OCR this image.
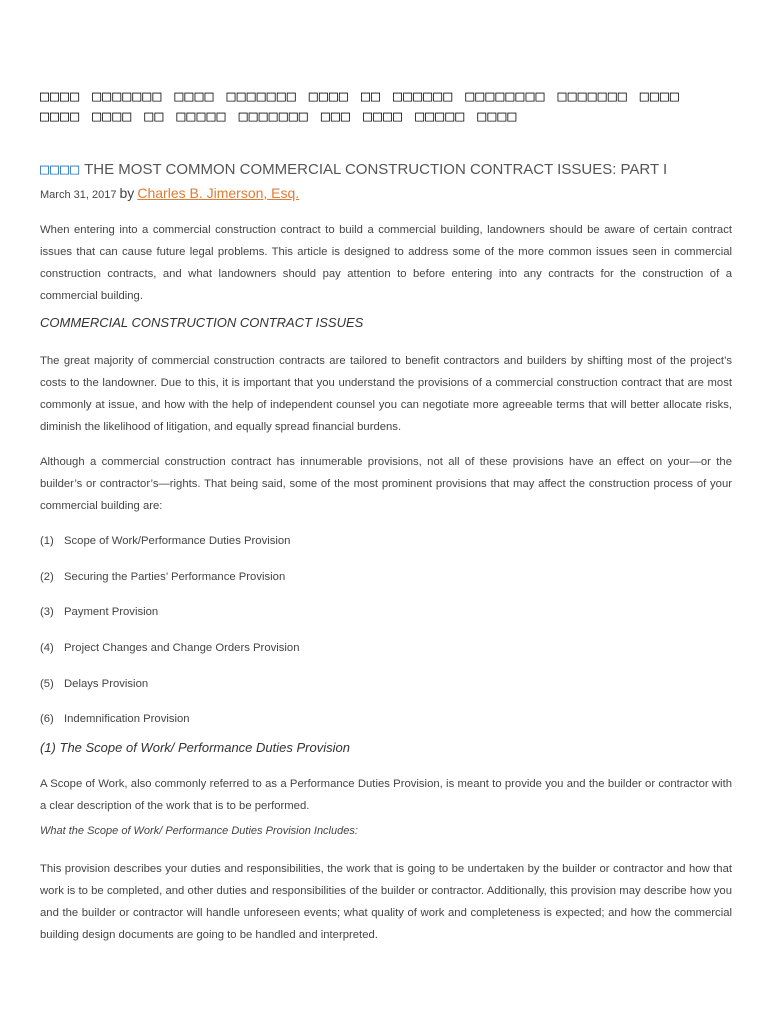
□□□□ □□□□□□□ □□□□ □□□□□□□ □□□□ □□ □□□□□□ □□□□□□□□ □□□□□□□ □□□□ □□□□ □□□□ □□ □□□□□ □□□□□□□ □□□ □□□□ □□□□□ □□□□
□□□□ THE MOST COMMON COMMERCIAL CONSTRUCTION CONTRACT ISSUES: PART I
March 31, 2017 by Charles B. Jimerson, Esq.
When entering into a commercial construction contract to build a commercial building, landowners should be aware of certain contract issues that can cause future legal problems. This article is designed to address some of the more common issues seen in commercial construction contracts, and what landowners should pay attention to before entering into any contracts for the construction of a commercial building.
COMMERCIAL CONSTRUCTION CONTRACT ISSUES
The great majority of commercial construction contracts are tailored to benefit contractors and builders by shifting most of the project’s costs to the landowner. Due to this, it is important that you understand the provisions of a commercial construction contract that are most commonly at issue, and how with the help of independent counsel you can negotiate more agreeable terms that will better allocate risks, diminish the likelihood of litigation, and equally spread financial burdens.
Although a commercial construction contract has innumerable provisions, not all of these provisions have an effect on your—or the builder’s or contractor’s—rights. That being said, some of the most prominent provisions that may affect the construction process of your commercial building are:
(1) Scope of Work/Performance Duties Provision
(2) Securing the Parties’ Performance Provision
(3) Payment Provision
(4) Project Changes and Change Orders Provision
(5) Delays Provision
(6) Indemnification Provision
(1) The Scope of Work/ Performance Duties Provision
A Scope of Work, also commonly referred to as a Performance Duties Provision, is meant to provide you and the builder or contractor with a clear description of the work that is to be performed.
What the Scope of Work/ Performance Duties Provision Includes:
This provision describes your duties and responsibilities, the work that is going to be undertaken by the builder or contractor and how that work is to be completed, and other duties and responsibilities of the builder or contractor. Additionally, this provision may describe how you and the builder or contractor will handle unforeseen events; what quality of work and completeness is expected; and how the commercial building design documents are going to be handled and interpreted.
